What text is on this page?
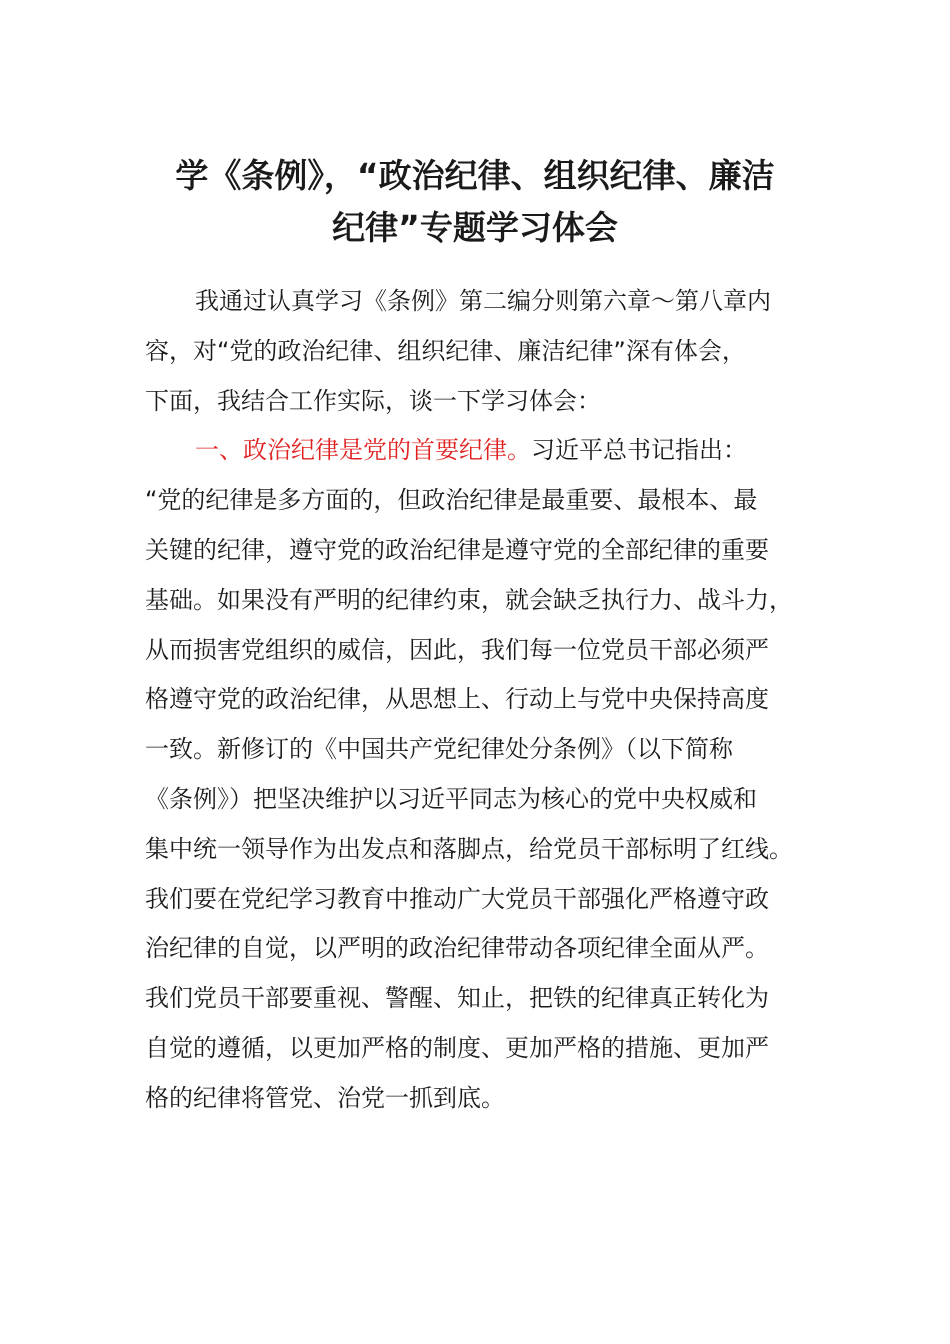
学《条例》，“政治纪律、组织纪律、廉洁
纪律”专题学习体会
我通过认真学习《条例》第二编分则第六章～第八章内
容，对“党的政治纪律、组织纪律、廉洁纪律”深有体会，
下面，我结合工作实际，谈一下学习体会：
一、政治纪律是党的首要纪律。习近平总书记指出：
“党的纪律是多方面的，但政治纪律是最重要、最根本、最
关键的纪律，遵守党的政治纪律是遵守党的全部纪律的重要
基础。如果没有严明的纪律约束，就会缺乏执行力、战斗力，
从而损害党组织的威信，因此，我们每一位党员干部必须严
格遵守党的政治纪律，从思想上、行动上与党中央保持高度
一致。新修订的《中国共产党纪律处分条例》（以下简称
《条例》）把坚决维护以习近平同志为核心的党中央权威和
集中统一领导作为出发点和落脚点，给党员干部标明了红线。
我们要在党纪学习教育中推动广大党员干部强化严格遵守政
治纪律的自觉，以严明的政治纪律带动各项纪律全面从严。
我们党员干部要重视、警醒、知止，把铁的纪律真正转化为
自觉的遵循，以更加严格的制度、更加严格的措施、更加严
格的纪律将管党、治党一抓到底。
